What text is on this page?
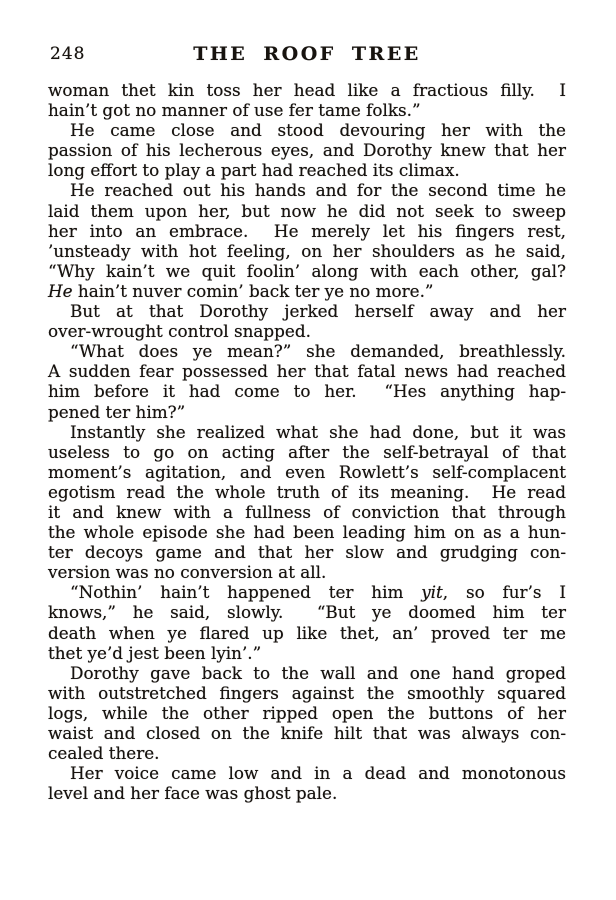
248	THE ROOF TREE
woman thet kin toss her head like a fractious filly.  I
hain’t got no manner of use fer tame folks.”
He came close and stood devouring her with the
passion of his lecherous eyes, and Dorothy knew that her
long effort to play a part had reached its climax.
He reached out his hands and for the second time he
laid them upon her, but now he did not seek to sweep
her into an embrace.  He merely let his fingers rest,
’unsteady with hot feeling, on her shoulders as he said,
“Why kain’t we quit foolin’ along with each other, gal?
He hain’t nuver comin’ back ter ye no more.”
But at that Dorothy jerked herself away and her
over-wrought control snapped.
“What does ye mean?” she demanded, breathlessly.
A sudden fear possessed her that fatal news had reached
him before it had come to her.  “Hes anything hap-
pened ter him?”
Instantly she realized what she had done, but it was
useless to go on acting after the self-betrayal of that
moment’s agitation, and even Rowlett’s self-complacent
egotism read the whole truth of its meaning.  He read
it and knew with a fullness of conviction that through
the whole episode she had been leading him on as a hun-
ter decoys game and that her slow and grudging con-
version was no conversion at all.
“Nothin’ hain’t happened ter him yit, so fur’s I
knows,” he said, slowly.  “But ye doomed him ter
death when ye flared up like thet, an’ proved ter me
thet ye’d jest been lyin’.”
Dorothy gave back to the wall and one hand groped
with outstretched fingers against the smoothly squared
logs, while the other ripped open the buttons of her
waist and closed on the knife hilt that was always con-
cealed there.
Her voice came low and in a dead and monotonous
level and her face was ghost pale.
